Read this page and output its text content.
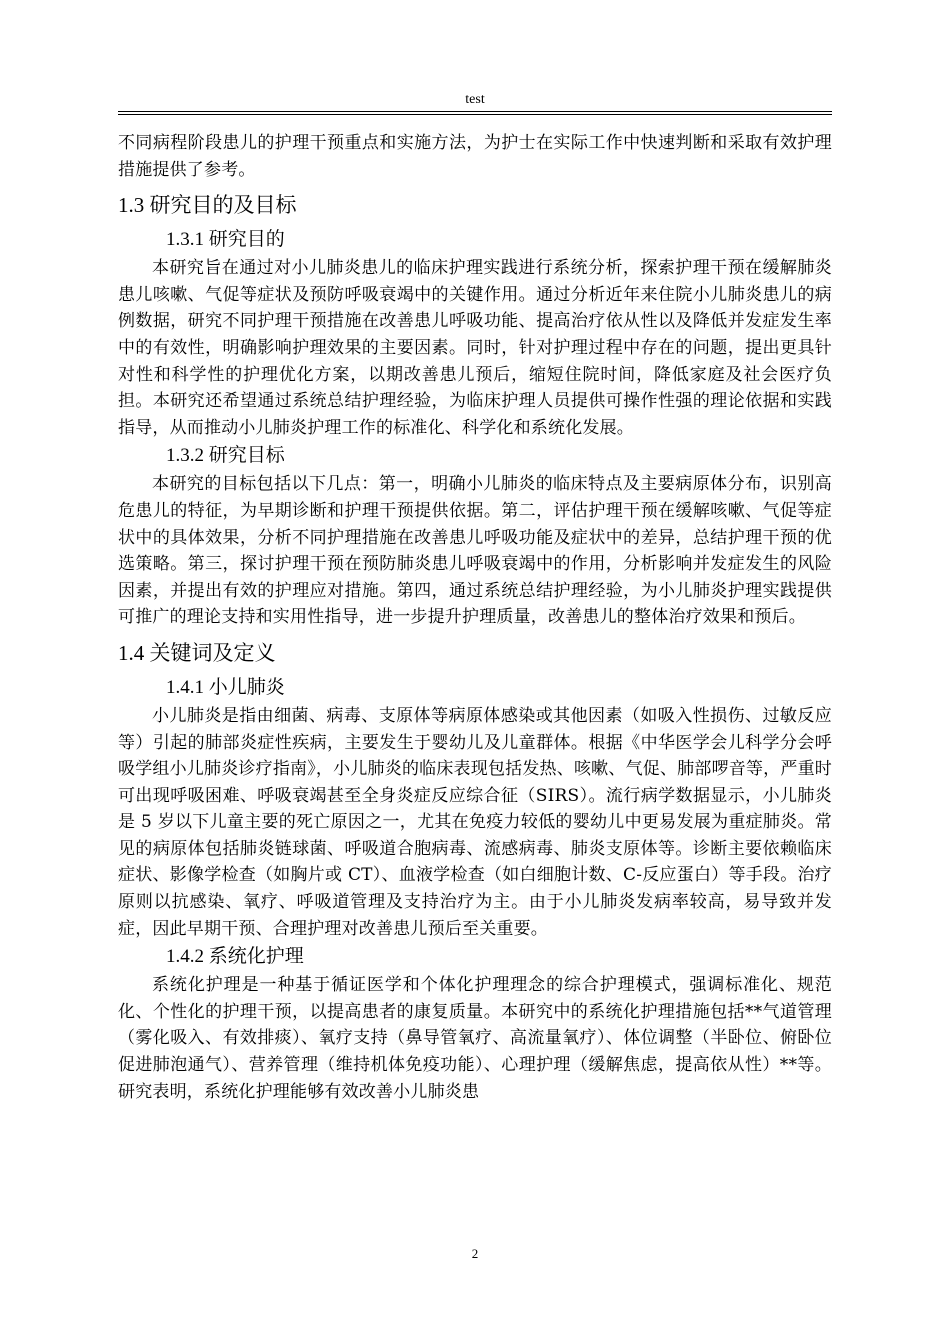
test

不同病程阶段患儿的护理干预重点和实施方法，为护士在实际工作中快速判断和采取有效护理措施提供了参考。

1.3 研究目的及目标
1.3.1 研究目的

本研究旨在通过对小儿肺炎患儿的临床护理实践进行系统分析，探索护理干预在缓解肺炎患儿咳嗽、气促等症状及预防呼吸衰竭中的关键作用。通过分析近年来住院小儿肺炎患儿的病例数据，研究不同护理干预措施在改善患儿呼吸功能、提高治疗依从性以及降低并发症发生率中的有效性，明确影响护理效果的主要因素。同时，针对护理过程中存在的问题，提出更具针对性和科学性的护理优化方案，以期改善患儿预后，缩短住院时间，降低家庭及社会医疗负担。本研究还希望通过系统总结护理经验，为临床护理人员提供可操作性强的理论依据和实践指导，从而推动小儿肺炎护理工作的标准化、科学化和系统化发展。

1.3.2 研究目标

本研究的目标包括以下几点：第一，明确小儿肺炎的临床特点及主要病原体分布，识别高危患儿的特征，为早期诊断和护理干预提供依据。第二，评估护理干预在缓解咳嗽、气促等症状中的具体效果，分析不同护理措施在改善患儿呼吸功能及症状中的差异，总结护理干预的优选策略。第三，探讨护理干预在预防肺炎患儿呼吸衰竭中的作用，分析影响并发症发生的风险因素，并提出有效的护理应对措施。第四，通过系统总结护理经验，为小儿肺炎护理实践提供可推广的理论支持和实用性指导，进一步提升护理质量，改善患儿的整体治疗效果和预后。

1.4 关键词及定义
1.4.1 小儿肺炎

小儿肺炎是指由细菌、病毒、支原体等病原体感染或其他因素（如吸入性损伤、过敏反应等）引起的肺部炎症性疾病，主要发生于婴幼儿及儿童群体。根据《中华医学会儿科学分会呼吸学组小儿肺炎诊疗指南》，小儿肺炎的临床表现包括发热、咳嗽、气促、肺部啰音等，严重时可出现呼吸困难、呼吸衰竭甚至全身炎症反应综合征（SIRS）。流行病学数据显示，小儿肺炎是 5 岁以下儿童主要的死亡原因之一，尤其在免疫力较低的婴幼儿中更易发展为重症肺炎。常见的病原体包括肺炎链球菌、呼吸道合胞病毒、流感病毒、肺炎支原体等。诊断主要依赖临床症状、影像学检查（如胸片或 CT）、血液学检查（如白细胞计数、C-反应蛋白）等手段。治疗原则以抗感染、氧疗、呼吸道管理及支持治疗为主。由于小儿肺炎发病率较高，易导致并发症，因此早期干预、合理护理对改善患儿预后至关重要。

1.4.2 系统化护理

系统化护理是一种基于循证医学和个体化护理理念的综合护理模式，强调标准化、规范化、个性化的护理干预，以提高患者的康复质量。本研究中的系统化护理措施包括**气道管理（雾化吸入、有效排痰）、氧疗支持（鼻导管氧疗、高流量氧疗）、体位调整（半卧位、俯卧位促进肺泡通气）、营养管理（维持机体免疫功能）、心理护理（缓解焦虑，提高依从性）**等。研究表明，系统化护理能够有效改善小儿肺炎患

2
